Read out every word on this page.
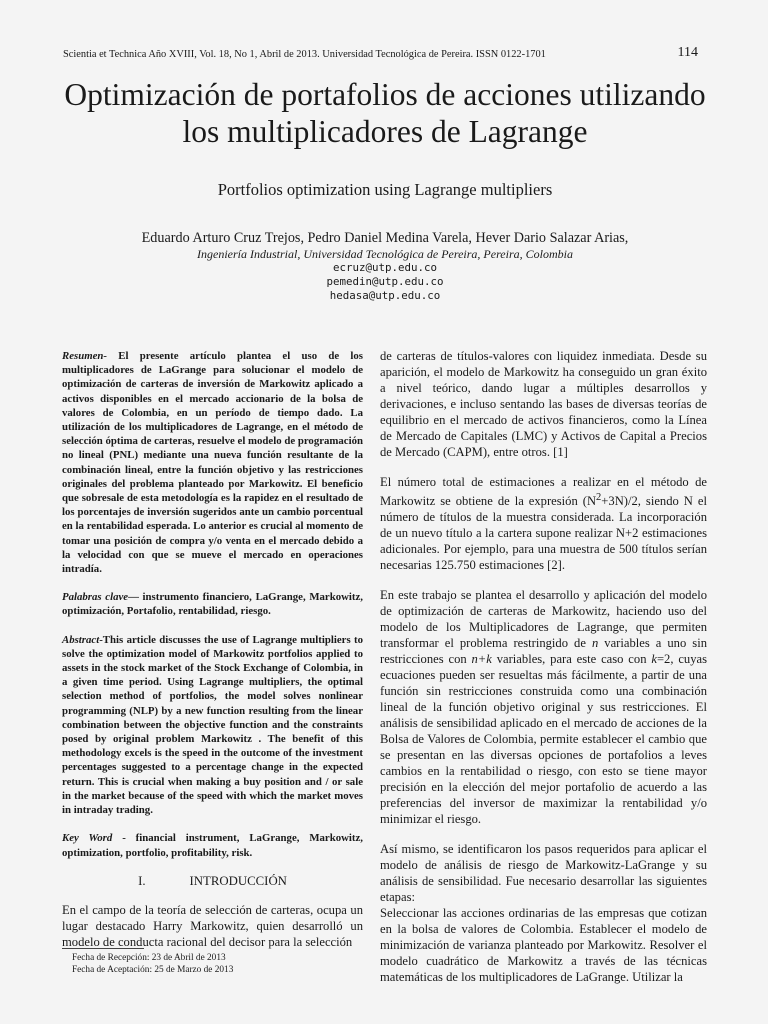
Scientia et Technica Año XVIII, Vol. 18, No 1, Abril de 2013. Universidad Tecnológica de Pereira. ISSN 0122-1701	114
Optimización de portafolios de acciones utilizando
los multiplicadores de Lagrange
Portfolios optimization using Lagrange multipliers
Eduardo Arturo Cruz Trejos, Pedro Daniel Medina Varela, Hever Dario Salazar Arias,
Ingeniería Industrial, Universidad Tecnológica de Pereira, Pereira, Colombia
ecruz@utp.edu.co
pemedin@utp.edu.co
hedasa@utp.edu.co

Resumen- El presente artículo plantea el uso de los multiplicadores de LaGrange para solucionar el modelo de optimización de carteras de inversión de Markowitz aplicado a activos disponibles en el mercado accionario de la bolsa de valores de Colombia, en un período de tiempo dado. La utilización de los multiplicadores de Lagrange, en el método de selección óptima de carteras, resuelve el modelo de programación no lineal (PNL) mediante una nueva función resultante de la combinación lineal, entre la función objetivo y las restricciones originales del problema planteado por Markowitz. El beneficio que sobresale de esta metodología es la rapidez en el resultado de los porcentajes de inversión sugeridos ante un cambio porcentual en la rentabilidad esperada. Lo anterior es crucial al momento de tomar una posición de compra y/o venta en el mercado debido a la velocidad con que se mueve el mercado en operaciones intradía.

Palabras clave— instrumento financiero, LaGrange, Markowitz, optimización, Portafolio, rentabilidad, riesgo.

Abstract-This article discusses the use of Lagrange multipliers to solve the optimization model of Markowitz portfolios applied to assets in the stock market of the Stock Exchange of Colombia, in a given time period. Using Lagrange multipliers, the optimal selection method of portfolios, the model solves nonlinear programming (NLP) by a new function resulting from the linear combination between the objective function and the constraints posed by original problem Markowitz . The benefit of this methodology excels is the speed in the outcome of the investment percentages suggested to a percentage change in the expected return. This is crucial when making a buy position and / or sale in the market because of the speed with which the market moves in intraday trading.

Key Word - financial instrument, LaGrange, Markowitz, optimization, portfolio, profitability, risk.

I.	INTRODUCCIÓN

En el campo de la teoría de selección de carteras, ocupa un lugar destacado Harry Markowitz, quien desarrolló un modelo de conducta racional del decisor para la selección

Fecha de Recepción: 23 de Abril de 2013
Fecha de Aceptación: 25 de Marzo de 2013

de carteras de títulos-valores con liquidez inmediata. Desde su aparición, el modelo de Markowitz ha conseguido un gran éxito a nivel teórico, dando lugar a múltiples desarrollos y derivaciones, e incluso sentando las bases de diversas teorías de equilibrio en el mercado de activos financieros, como la Línea de Mercado de Capitales (LMC) y Activos de Capital a Precios de Mercado (CAPM), entre otros. [1]

El número total de estimaciones a realizar en el método de Markowitz se obtiene de la expresión $(N^2+3N)/2$, siendo N el número de títulos de la muestra considerada. La incorporación de un nuevo título a la cartera supone realizar N+2 estimaciones adicionales. Por ejemplo, para una muestra de 500 títulos serían necesarias 125.750 estimaciones [2].

En este trabajo se plantea el desarrollo y aplicación del modelo de optimización de carteras de Markowitz, haciendo uso del modelo de los Multiplicadores de Lagrange, que permiten transformar el problema restringido de n variables a uno sin restricciones con n+k variables, para este caso con k=2, cuyas ecuaciones pueden ser resueltas más fácilmente, a partir de una función sin restricciones construida como una combinación lineal de la función objetivo original y sus restricciones. El análisis de sensibilidad aplicado en el mercado de acciones de la Bolsa de Valores de Colombia, permite establecer el cambio que se presentan en las diversas opciones de portafolios a leves cambios en la rentabilidad o riesgo, con esto se tiene mayor precisión en la elección del mejor portafolio de acuerdo a las preferencias del inversor de maximizar la rentabilidad y/o minimizar el riesgo.

Así mismo, se identificaron los pasos requeridos para aplicar el modelo de análisis de riesgo de Markowitz-LaGrange y su análisis de sensibilidad. Fue necesario desarrollar las siguientes etapas:

Seleccionar las acciones ordinarias de las empresas que cotizan en la bolsa de valores de Colombia. Establecer el modelo de minimización de varianza planteado por Markowitz. Resolver el modelo cuadrático de Markowitz a través de las técnicas matemáticas de los multiplicadores de LaGrange. Utilizar la
